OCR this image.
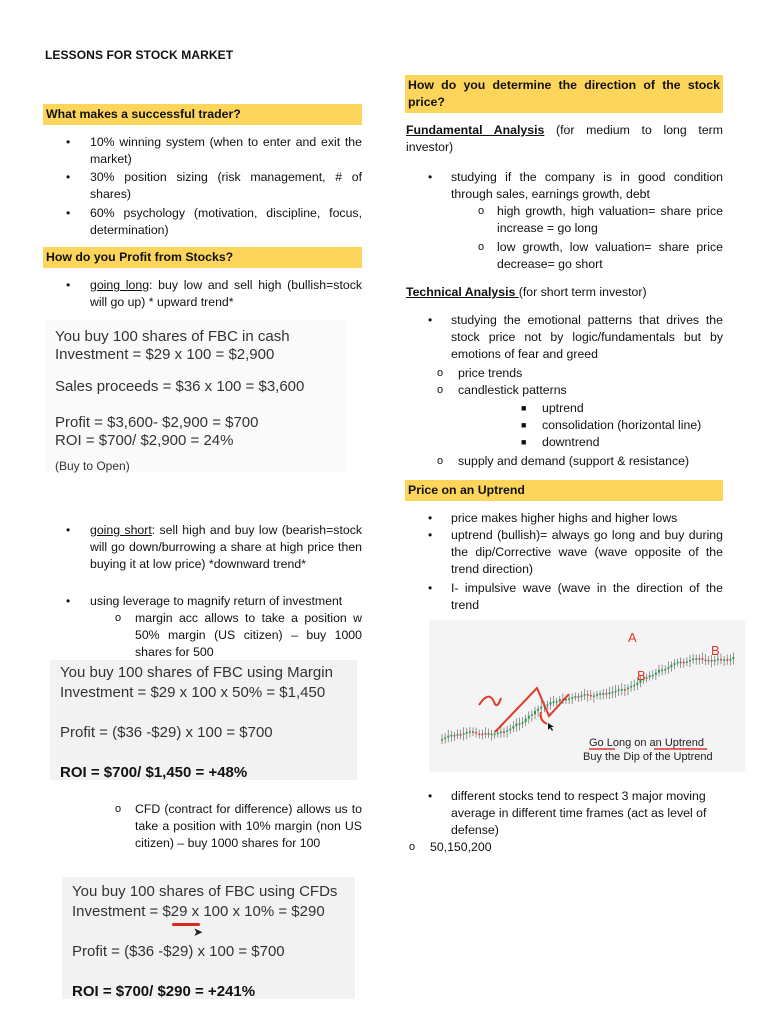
LESSONS FOR STOCK MARKET
What makes a successful trader?
• 10% winning system (when to enter and exit the market)
• 30% position sizing (risk management, # of shares)
• 60% psychology (motivation, discipline, focus, determination)
How do you Profit from Stocks?
• going long: buy low and sell high (bullish=stock will go up) * upward trend*
You buy 100 shares of FBC in cash
Investment = $29 x 100 = $2,900
Sales proceeds = $36 x 100 = $3,600
Profit = $3,600- $2,900 = $700
ROI = $700/ $2,900 = 24%
(Buy to Open)
• going short: sell high and buy low (bearish=stock will go down/burrowing a share at high price then buying it at low price) *downward trend*
• using leverage to magnify return of investment
o margin acc allows to take a position w 50% margin (US citizen) – buy 1000 shares for 500
You buy 100 shares of FBC using Margin
Investment = $29 x 100 x 50% = $1,450
Profit = ($36 -$29) x 100 = $700
ROI = $700/ $1,450 = +48%
o CFD (contract for difference) allows us to take a position with 10% margin (non US citizen) – buy 1000 shares for 100
You buy 100 shares of FBC using CFDs
Investment = $29 x 100 x 10% = $290
➤
Profit = ($36 -$29) x 100 = $700
ROI = $700/ $290 = +241%
How do you determine the direction of the stock price?
Fundamental Analysis (for medium to long term investor)
• studying if the company is in good condition through sales, earnings growth, debt
o high growth, high valuation= share price increase = go long
o low growth, low valuation= share price decrease= go short
Technical Analysis (for short term investor)
• studying the emotional patterns that drives the stock price not by logic/fundamentals but by emotions of fear and greed
o price trends
o candlestick patterns
■ uptrend
■ consolidation (horizontal line)
■ downtrend
o supply and demand (support & resistance)
Price on an Uptrend
• price makes higher highs and higher lows
• uptrend (bullish)= always go long and buy during the dip/Corrective wave (wave opposite of the trend direction)
• I- impulsive wave (wave in the direction of the trend
A
B
B
Go Long on an Uptrend
Buy the Dip of the Uptrend
• different stocks tend to respect 3 major moving average in different time frames (act as level of defense)
o 50,150,200
